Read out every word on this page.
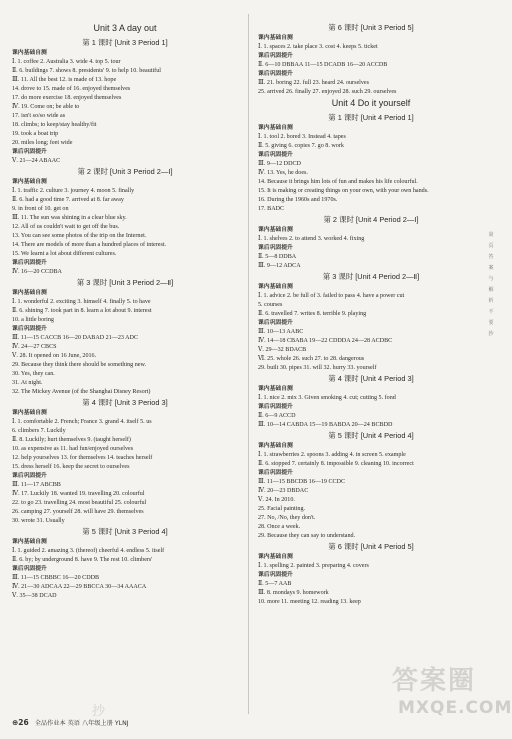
Unit 3 A day out
第 1 课时 [Unit 3 Period 1]
课内基础自测
Ⅰ. 1. coffee 2. Australia 3. wide 4. top 5. tour
Ⅱ. 6. buildings 7. shows 8. presidents' 9. to help 10. beautiful
Ⅲ. 11. All the best 12. is made of 13. hope
14. drove to 15. made of 16. enjoyed themselves
17. do more exercise 18. enjoyed themselves
Ⅳ. 19. Come on; be able to
17. isn't so/so wide as
18. climbs; to keep/stay healthy/fit
19. took a boat trip
20. miles long; feet wide
课后巩固提升
Ⅴ. 21—24 ABAAC
第 2 课时 [Unit 3 Period 2—Ⅰ]
课内基础自测
Ⅰ. 1. traffic 2. culture 3. journey 4. moon 5. finally
Ⅱ. 6. had a good time 7. arrived at 8. far away
9. in front of 10. get on
Ⅲ. 11. The sun was shining in a clear blue sky.
12. All of us couldn't wait to get off the bus.
13. You can see some photos of the trip on the Internet.
14. There are models of more than a hundred places of interest.
15. We learnt a lot about different cultures.
课后巩固提升
Ⅳ. 16—20 CCDBA
第 3 课时 [Unit 3 Period 2—Ⅱ]
课内基础自测
Ⅰ. 1. wonderful 2. exciting 3. himself 4. finally 5. to have
Ⅱ. 6. shining 7. took part in 8. learn a lot about 9. interest
10. a little boring
课后巩固提升
Ⅲ. 11—15 CACCB 16—20 DABAD 21—23 ADC
Ⅳ. 24—27 CBCS
Ⅴ. 28. It opened on 16 June, 2016.
29. Because they think there should be something new.
30. Yes, they can.
31. At night.
32. The Mickey Avenue (of the Shanghai Disney Resort)
第 4 课时 [Unit 3 Period 3]
课内基础自测
Ⅰ. 1. comfortable 2. French; France 3. grand 4. itself 5. us
6. climbers 7. Luckily
Ⅱ. 8. Luckily; hurt themselves 9. (taught herself)
10. as expensive as 11. had fun/enjoyed ourselves
12. help yourselves 13. for themselves 14. teaches herself
15. dress herself 16. keep the secret to ourselves
课后巩固提升
Ⅲ. 11—17 ABCBB
Ⅳ. 17. Luckily 18. wanted 19. travelling 20. colourful
22. to go 23. travelling 24. most beautiful 25. colourful
26. camping 27. yourself 28. will have 29. themselves
30. wrote 31. Usually
第 5 课时 [Unit 3 Period 4]
课内基础自测
Ⅰ. 1. guided 2. amazing 3. (thereof) cheerful 4. endless 5. itself
Ⅱ. 6. by; by underground 8. have 9. The rest 10. climbers'
课后巩固提升
Ⅲ. 11—15 CBBBC 16—20 CDDB
Ⅳ. 21—30 ADCAA 22—29 BBCCA 30—34 AAACA
Ⅴ. 35—38 DCAD
第 6 课时 [Unit 3 Period 5]
课内基础自测
Ⅰ. 1. spaces 2. take place 3. cost 4. keeps 5. ticket
课后巩固提升
Ⅱ. 6—10 DBBAA 11—15 DCADB 16—20 ACCDB
课后巩固提升
Ⅲ. 21. boring 22. full 23. heard 24. ourselves
25. arrived 26. finally 27. enjoyed 28. such 29. ourselves
Unit 4 Do it yourself
第 1 课时 [Unit 4 Period 1]
课内基础自测
Ⅰ. 1. tool 2. bored 3. Instead 4. tapes
Ⅱ. 5. giving 6. copies 7. go 8. work
课后巩固提升
Ⅲ. 9—12 DDCD
Ⅳ. 13. Yes, he does.
14. Because it brings him lots of fun and makes his life colourful.
15. It is making or creating things on your own, with your own hands.
16. During the 1960s and 1970s.
17. BADC
第 2 课时 [Unit 4 Period 2—Ⅰ]
课内基础自测
Ⅰ. 1. shelves 2. to attend 3. worked 4. fixing
课后巩固提升
Ⅱ. 5—8 DDBA
Ⅲ. 9—12 ADCA
第 3 课时 [Unit 4 Period 2—Ⅱ]
课内基础自测
Ⅰ. 1. advice 2. be full of 3. failed to pass 4. have a power cut
5. courses
Ⅱ. 6. travelled 7. writes 8. terrible 9. playing
课后巩固提升
Ⅲ. 10—13 AABC
Ⅳ. 14—18 CBABA 19—22 CDDDA 24—28 ACDBC
Ⅴ. 29—32 BDACB
Ⅵ. 25. whole 26. such 27. to 28. dangerous
29. built 30. pipes 31. will 32. hurry 33. yourself
第 4 课时 [Unit 4 Period 3]
课内基础自测
Ⅰ. 1. nice 2. mix 3. Given smoking 4. cut; cutting 5. fond
课后巩固提升
Ⅱ. 6—9 ACCD
Ⅲ. 10—14 CABDA 15—19 BABDA 20—24 BCBDD
第 5 课时 [Unit 4 Period 4]
课内基础自测
Ⅰ. 1. strawberries 2. spoons 3. adding 4. in screen 5. example
Ⅱ. 6. stopped 7. certainly 8. impossible 9. cleaning 10. incorrect
课后巩固提升
Ⅲ. 11—15 BBCDB 16—19 CCDC
Ⅳ. 20—23 DBDAC
Ⅴ. 24. In 2010.
25. Facial painting.
27. No, /No, they don't.
28. Once a week.
29. Because they can say to understand.
第 6 课时 [Unit 4 Period 5]
课内基础自测
Ⅰ. 1. spelling 2. painted 3. preparing 4. covers
课后巩固提升
Ⅱ. 5—7 AAB
Ⅲ. 8. mondays 9. homework
10. more 11. meeting 12. reading 13. keep
第
页
答
案
与
解
析
不
要
抄
⊕26 全品作业本 英语 八年级上册 YLNJ
抄
答案圈
MXQE.COM
